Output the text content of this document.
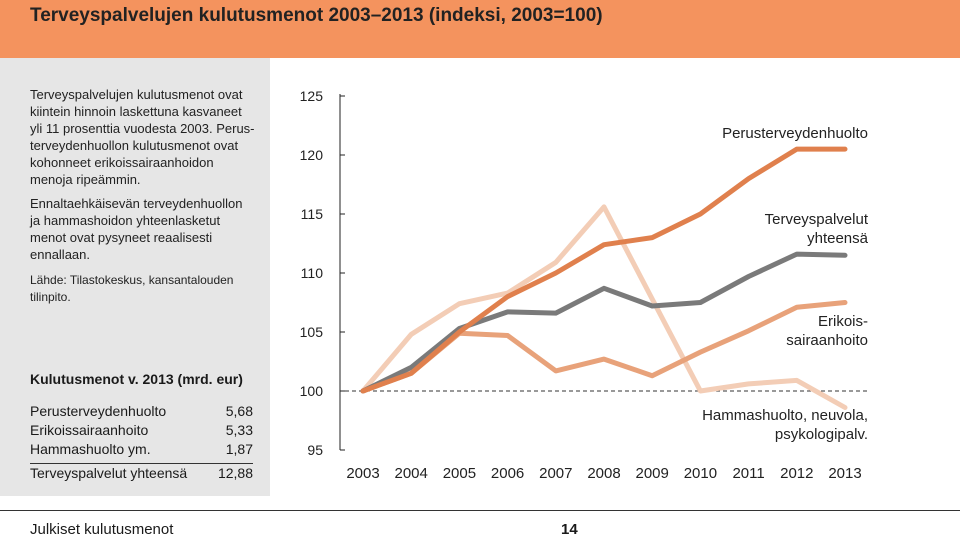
Terveyspalvelujen kulutusmenot 2003–2013 (indeksi, 2003=100)
Terveyspalvelujen kulutusmenot ovat
kiintein hinnoin laskettuna kasvaneet
yli 11 prosenttia vuodesta 2003. Perus-
terveydenhuollon kulutusmenot ovat
kohonneet erikoissairaanhoidon
menoja ripeämmin.
Ennaltaehkäisevän terveydenhuollon
ja hammashoidon yhteenlasketut
menot ovat pysyneet reaalisesti
ennallaan.
Lähde: Tilastokeskus, kansantalouden
tilinpito.
Kulutusmenot v. 2013 (mrd. eur)
Perusterveydenhuolto	5,68
Erikoissairaanhoito	5,33
Hammashuolto ym.	1,87
Terveyspalvelut yhteensä 12,88
95
100
105
110
115
120
125
2003 2004 2005 2006 2007 2008 2009 2010 2011 2012 2013
Perusterveydenhuolto
Terveyspalvelut
yhteensä
Erikois-
sairaanhoito
Hammashuolto, neuvola,
psykologipalv.
Julkiset kulutusmenot	14
